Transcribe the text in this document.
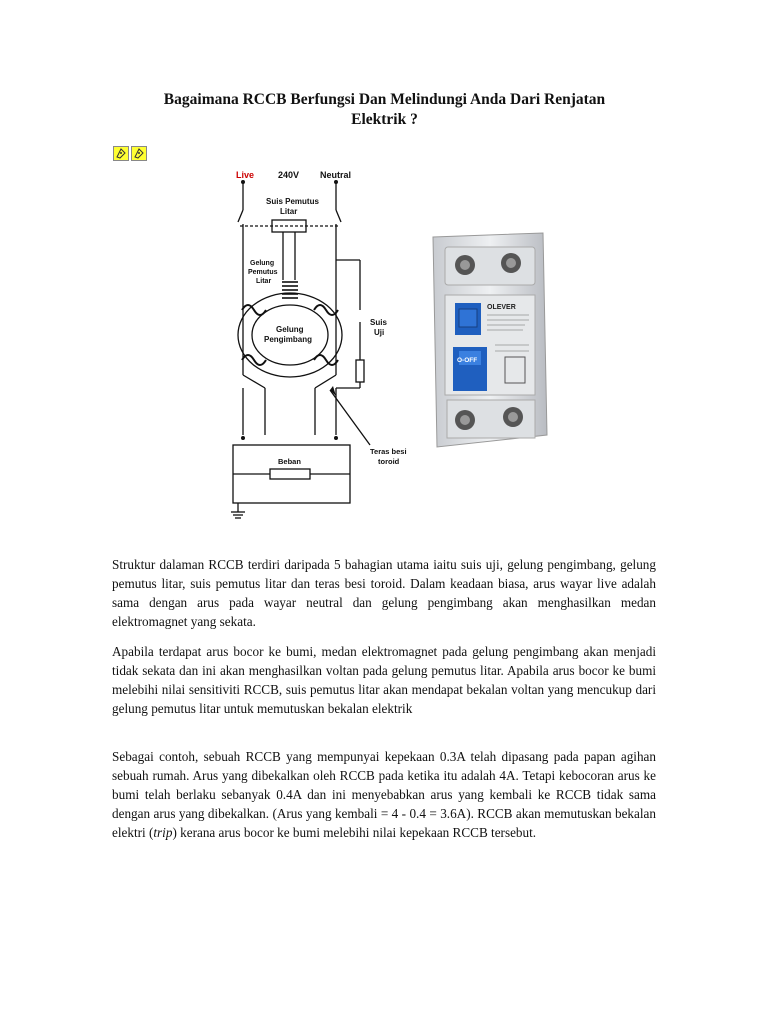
Bagaimana RCCB Berfungsi Dan Melindungi Anda Dari Renjatan
Elektrik ?
Live	240V Neutral
Suis Pemutus
Litar
Gelung
Pemutus
Litar
Gelung
Pengimbang
Suis
Uji
Teras besi
toroid
Beban
OLEVER
O-OFF

Struktur dalaman RCCB terdiri daripada 5 bahagian utama iaitu suis uji, gelung pengimbang, gelung pemutus litar, suis pemutus litar dan teras besi toroid. Dalam keadaan biasa, arus wayar live adalah sama dengan arus pada wayar neutral dan gelung pengimbang akan menghasilkan medan elektromagnet yang sekata.

Apabila terdapat arus bocor ke bumi, medan elektromagnet pada gelung pengimbang akan menjadi tidak sekata dan ini akan menghasilkan voltan pada gelung pemutus litar. Apabila arus bocor ke bumi melebihi nilai sensitiviti RCCB, suis pemutus litar akan mendapat bekalan voltan yang mencukup dari gelung pemutus litar untuk memutuskan bekalan elektrik

Sebagai contoh, sebuah RCCB yang mempunyai kepekaan 0.3A telah dipasang pada papan agihan sebuah rumah. Arus yang dibekalkan oleh RCCB pada ketika itu adalah 4A. Tetapi kebocoran arus ke bumi telah berlaku sebanyak 0.4A dan ini menyebabkan arus yang kembali ke RCCB tidak sama dengan arus yang dibekalkan. (Arus yang kembali = 4 - 0.4 = 3.6A). RCCB akan memutuskan bekalan elektri (trip) kerana arus bocor ke bumi melebihi nilai kepekaan RCCB tersebut.
